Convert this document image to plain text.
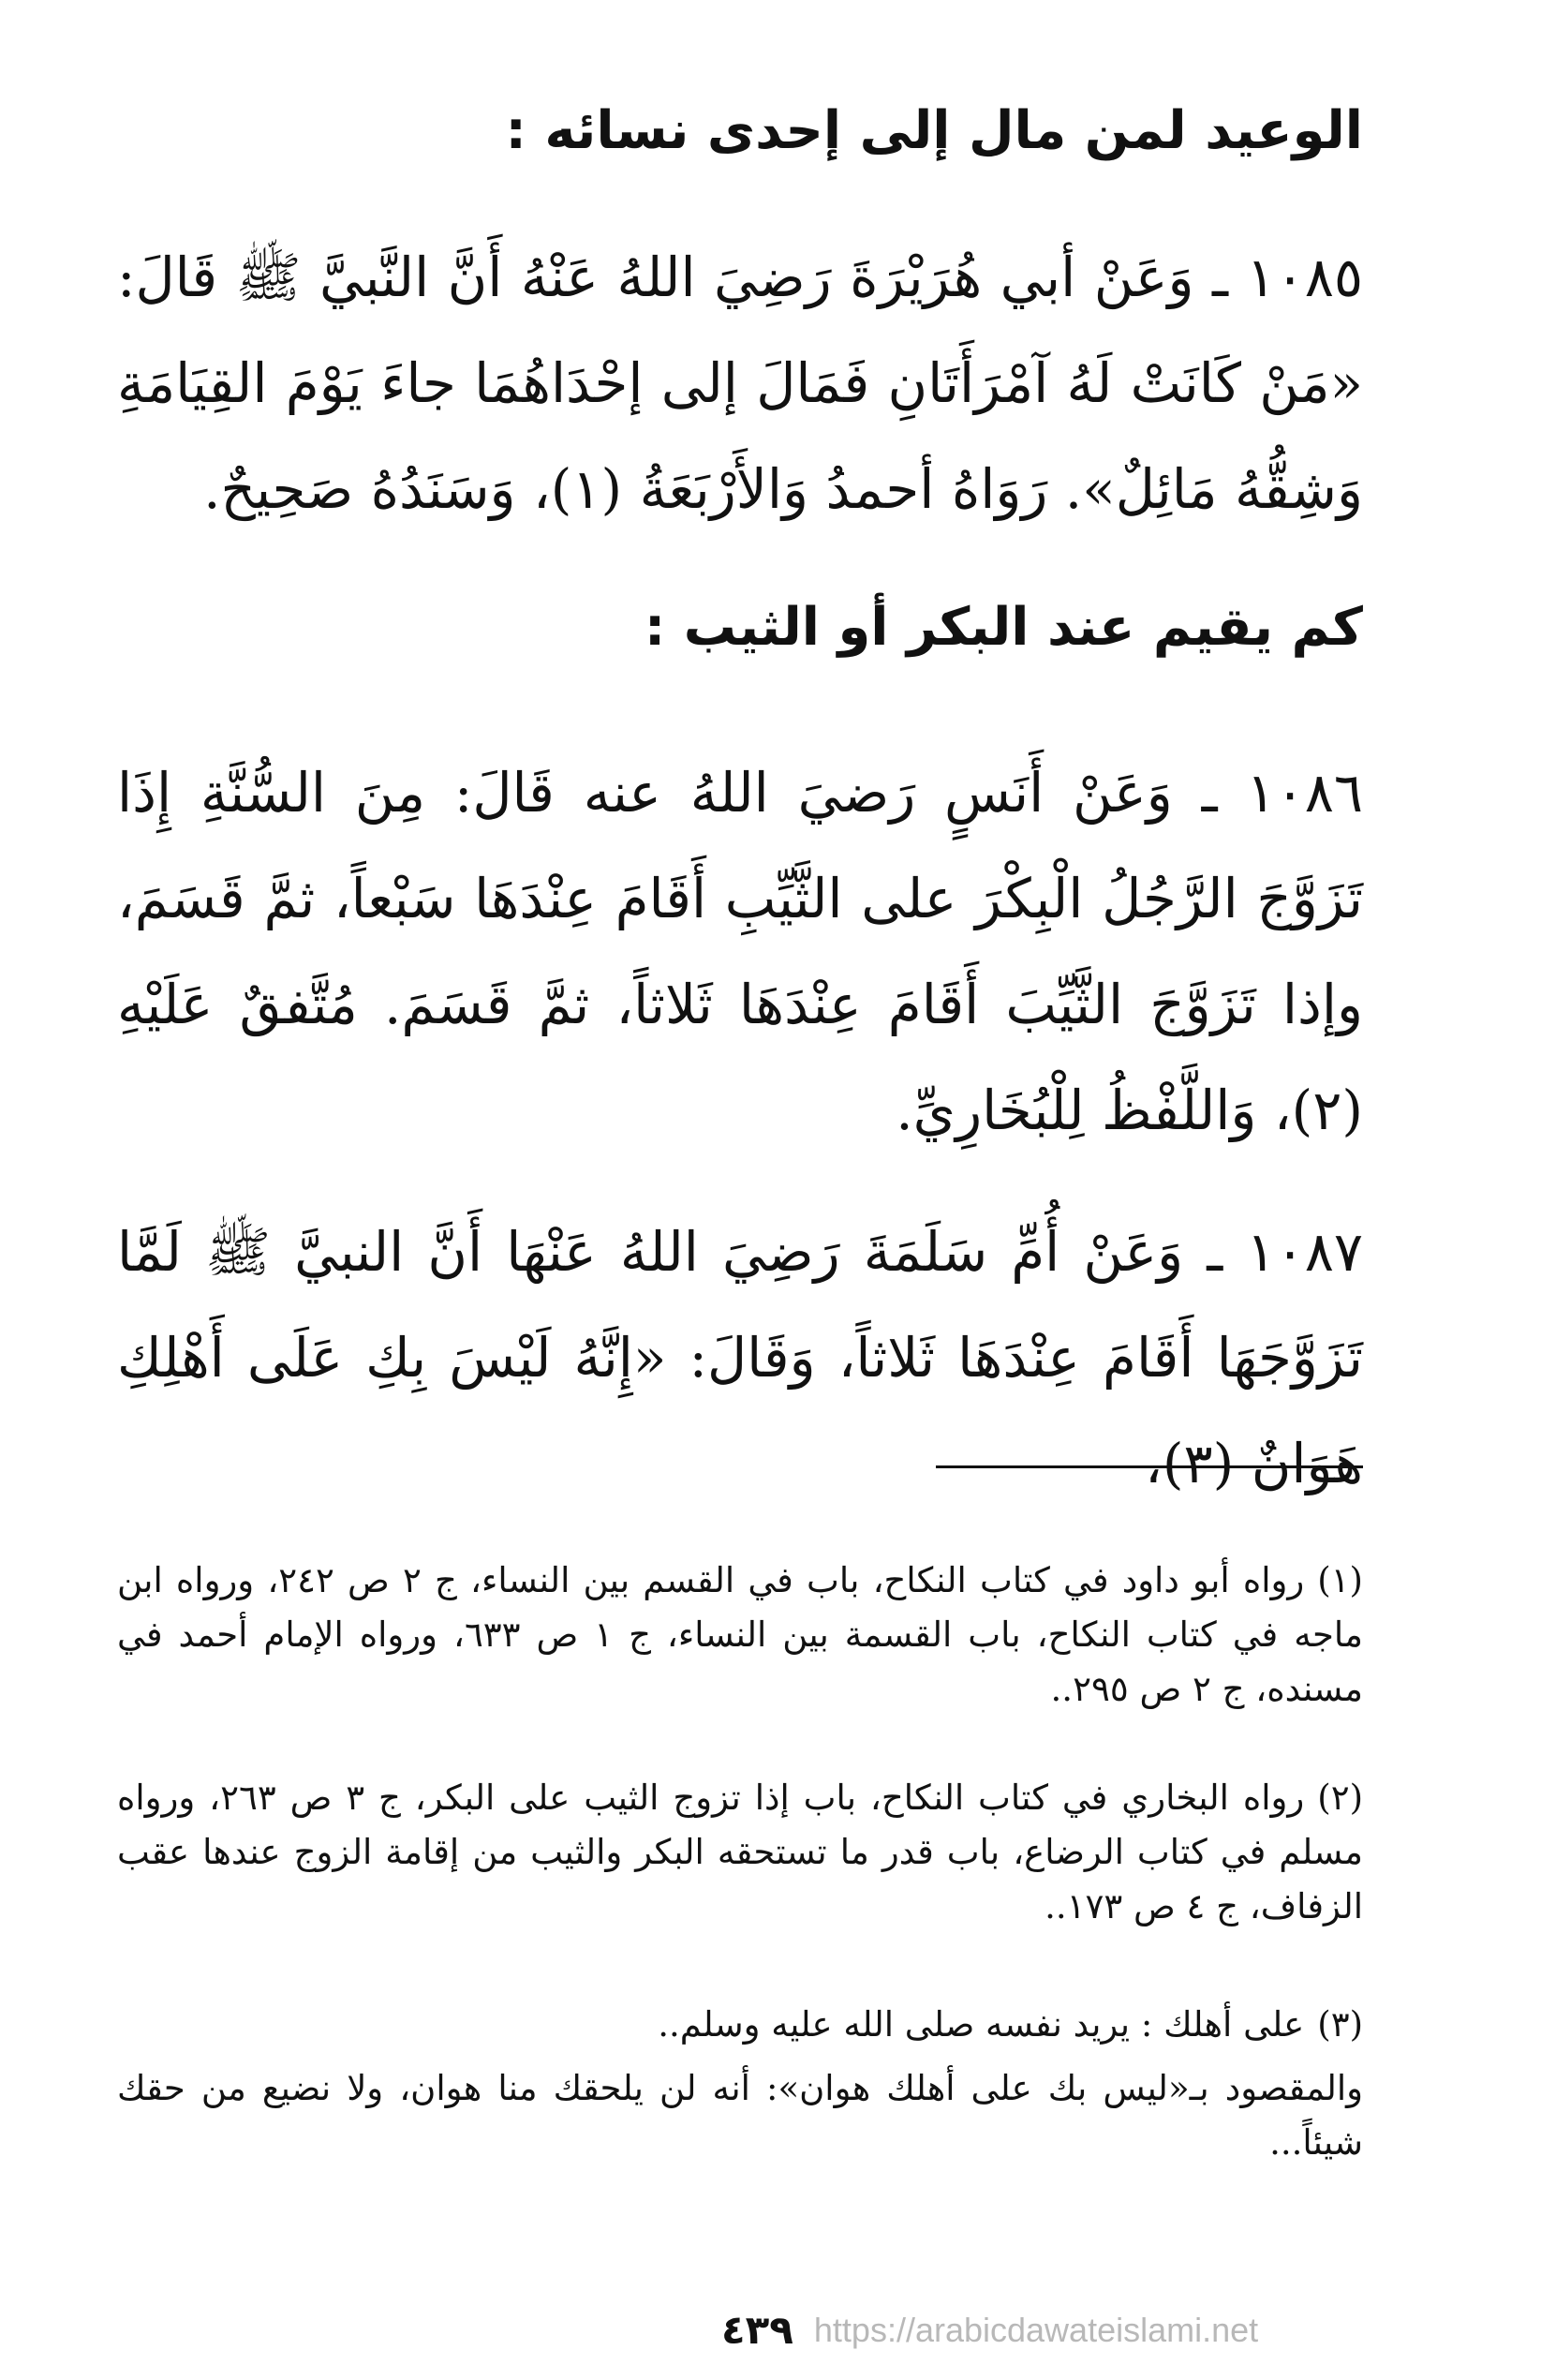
الوعيد لمن مال إلى إحدى نسائه :
١٠٨٥ ـ وَعَنْ أبي هُرَيْرَةَ رَضِيَ اللهُ عَنْهُ أَنَّ النَّبيَّ ﷺ قَالَ: «مَنْ كَانَتْ لَهُ آمْرَأَتَانِ فَمَالَ إلى إحْدَاهُمَا جاءَ يَوْمَ القِيَامَةِ وَشِقُّهُ مَائِلٌ». رَوَاهُ أحمدُ وَالأَرْبَعَةُ (١)، وَسَنَدُهُ صَحِيحٌ.
كم يقيم عند البكر أو الثيب :
١٠٨٦ ـ وَعَنْ أَنَسٍ رَضيَ اللهُ عنه قَالَ: مِنَ السُّنَّةِ إِذَا تَزَوَّجَ الرَّجُلُ الْبِكْرَ على الثَّيِّبِ أَقَامَ عِنْدَهَا سَبْعاً، ثمَّ قَسَمَ، وإذا تَزَوَّجَ الثَّيِّبَ أَقَامَ عِنْدَهَا ثَلاثاً، ثمَّ قَسَمَ. مُتَّفقٌ عَلَيْهِ (٢)، وَاللَّفْظُ لِلْبُخَارِيِّ.
١٠٨٧ ـ وَعَنْ أُمِّ سَلَمَةَ رَضِيَ اللهُ عَنْهَا أَنَّ النبيَّ ﷺ لَمَّا تَزَوَّجَهَا أَقَامَ عِنْدَهَا ثَلاثاً، وَقَالَ: «إِنَّهُ لَيْسَ بِكِ عَلَى أَهْلِكِ هَوَانٌ (٣)،
(١)رواه أبو داود في كتاب النكاح، باب في القسم بين النساء، ج ٢ ص ٢٤٢، ورواه ابن ماجه في كتاب النكاح، باب القسمة بين النساء، ج ١ ص ٦٣٣، ورواه الإمام أحمد في مسنده، ج ٢ ص ٢٩٥..
(٢)رواه البخاري في كتاب النكاح، باب إذا تزوج الثيب على البكر، ج ٣ ص ٢٦٣، ورواه مسلم في كتاب الرضاع، باب قدر ما تستحقه البكر والثيب من إقامة الزوج عندها عقب الزفاف، ج ٤ ص ١٧٣..
(٣)على أهلك : يريد نفسه صلى الله عليه وسلم..
والمقصود بـ«ليس بك على أهلك هوان»: أنه لن يلحقك منا هوان، ولا نضيع من حقك شيئاً...
٤٣٩ https://arabicdawateislami.net
